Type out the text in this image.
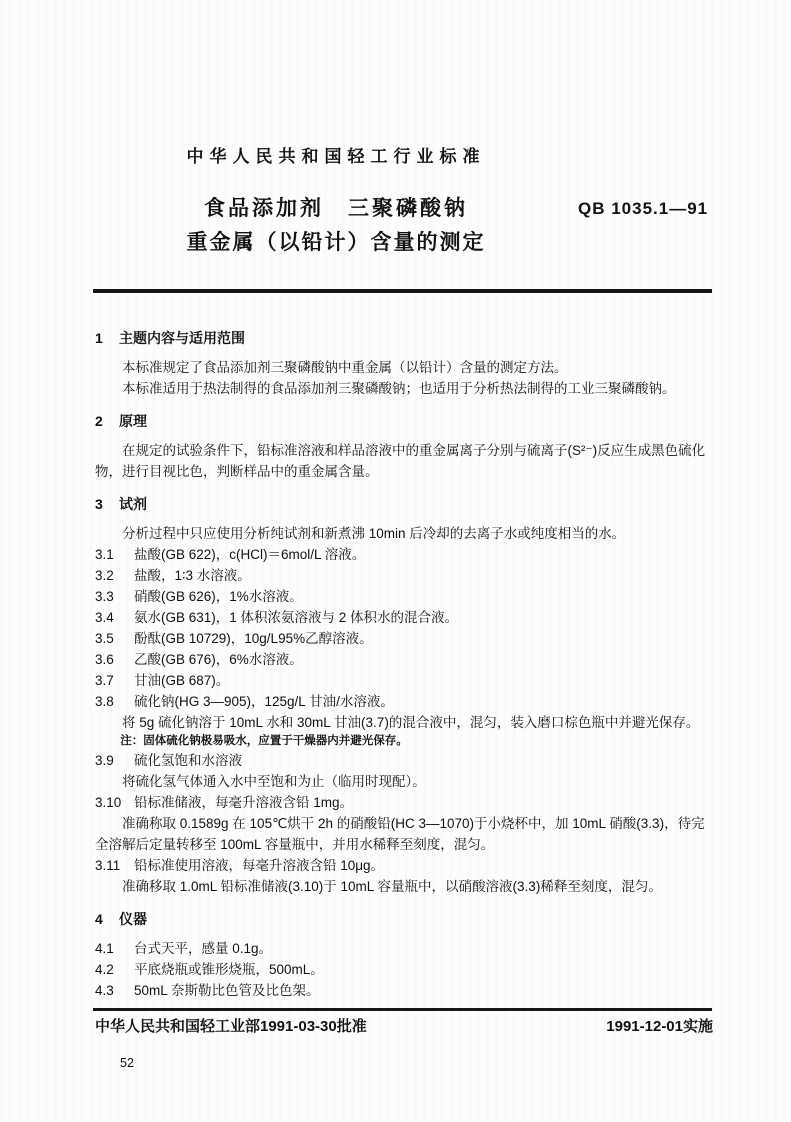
中华人民共和国轻工行业标准
食品添加剂　三聚磷酸钠
重金属（以铅计）含量的测定
QB 1035.1—91
1 主题内容与适用范围

本标准规定了食品添加剂三聚磷酸钠中重金属（以铅计）含量的测定方法。

本标准适用于热法制得的食品添加剂三聚磷酸钠；也适用于分析热法制得的工业三聚磷酸钠。

2 原理

在规定的试验条件下，铅标准溶液和样品溶液中的重金属离子分别与硫离子(S²⁻)反应生成黑色硫化物，进行目视比色，判断样品中的重金属含量。

3 试剂

分析过程中只应使用分析纯试剂和新煮沸 10min 后冷却的去离子水或纯度相当的水。

3.1	盐酸(GB 622)，c(HCl)＝6mol/L 溶液。
3.2	盐酸，1∶3 水溶液。
3.3	硝酸(GB 626)，1%水溶液。
3.4	氨水(GB 631)，1 体积浓氨溶液与 2 体积水的混合液。
3.5	酚酞(GB 10729)，10g/L95%乙醇溶液。
3.6	乙酸(GB 676)，6%水溶液。
3.7	甘油(GB 687)。
3.8	硫化钠(HG 3—905)，125g/L 甘油/水溶液。

将 5g 硫化钠溶于 10mL 水和 30mL 甘油(3.7)的混合液中，混匀，装入磨口棕色瓶中并避光保存。

注：固体硫化钠极易吸水，应置于干燥器内并避光保存。

3.9	硫化氢饱和水溶液

将硫化氢气体通入水中至饱和为止（临用时现配）。

3.10 铅标准储液，每毫升溶液含铅 1mg。

准确称取 0.1589g 在 105℃烘干 2h 的硝酸铅(HC 3—1070)于小烧杯中，加 10mL 硝酸(3.3)，待完全溶解后定量转移至 100mL 容量瓶中，并用水稀释至刻度，混匀。

3.11	铅标准使用溶液，每毫升溶液含铅 10μg。

准确移取 1.0mL 铅标准储液(3.10)于 10mL 容量瓶中，以硝酸溶液(3.3)稀释至刻度，混匀。

4 仪器
4.1	台式天平，感量 0.1g。
4.2	平底烧瓶或锥形烧瓶，500mL。
4.3	50mL 奈斯勒比色管及比色架。
中华人民共和国轻工业部1991-03-30批准	1991-12-01实施
52
